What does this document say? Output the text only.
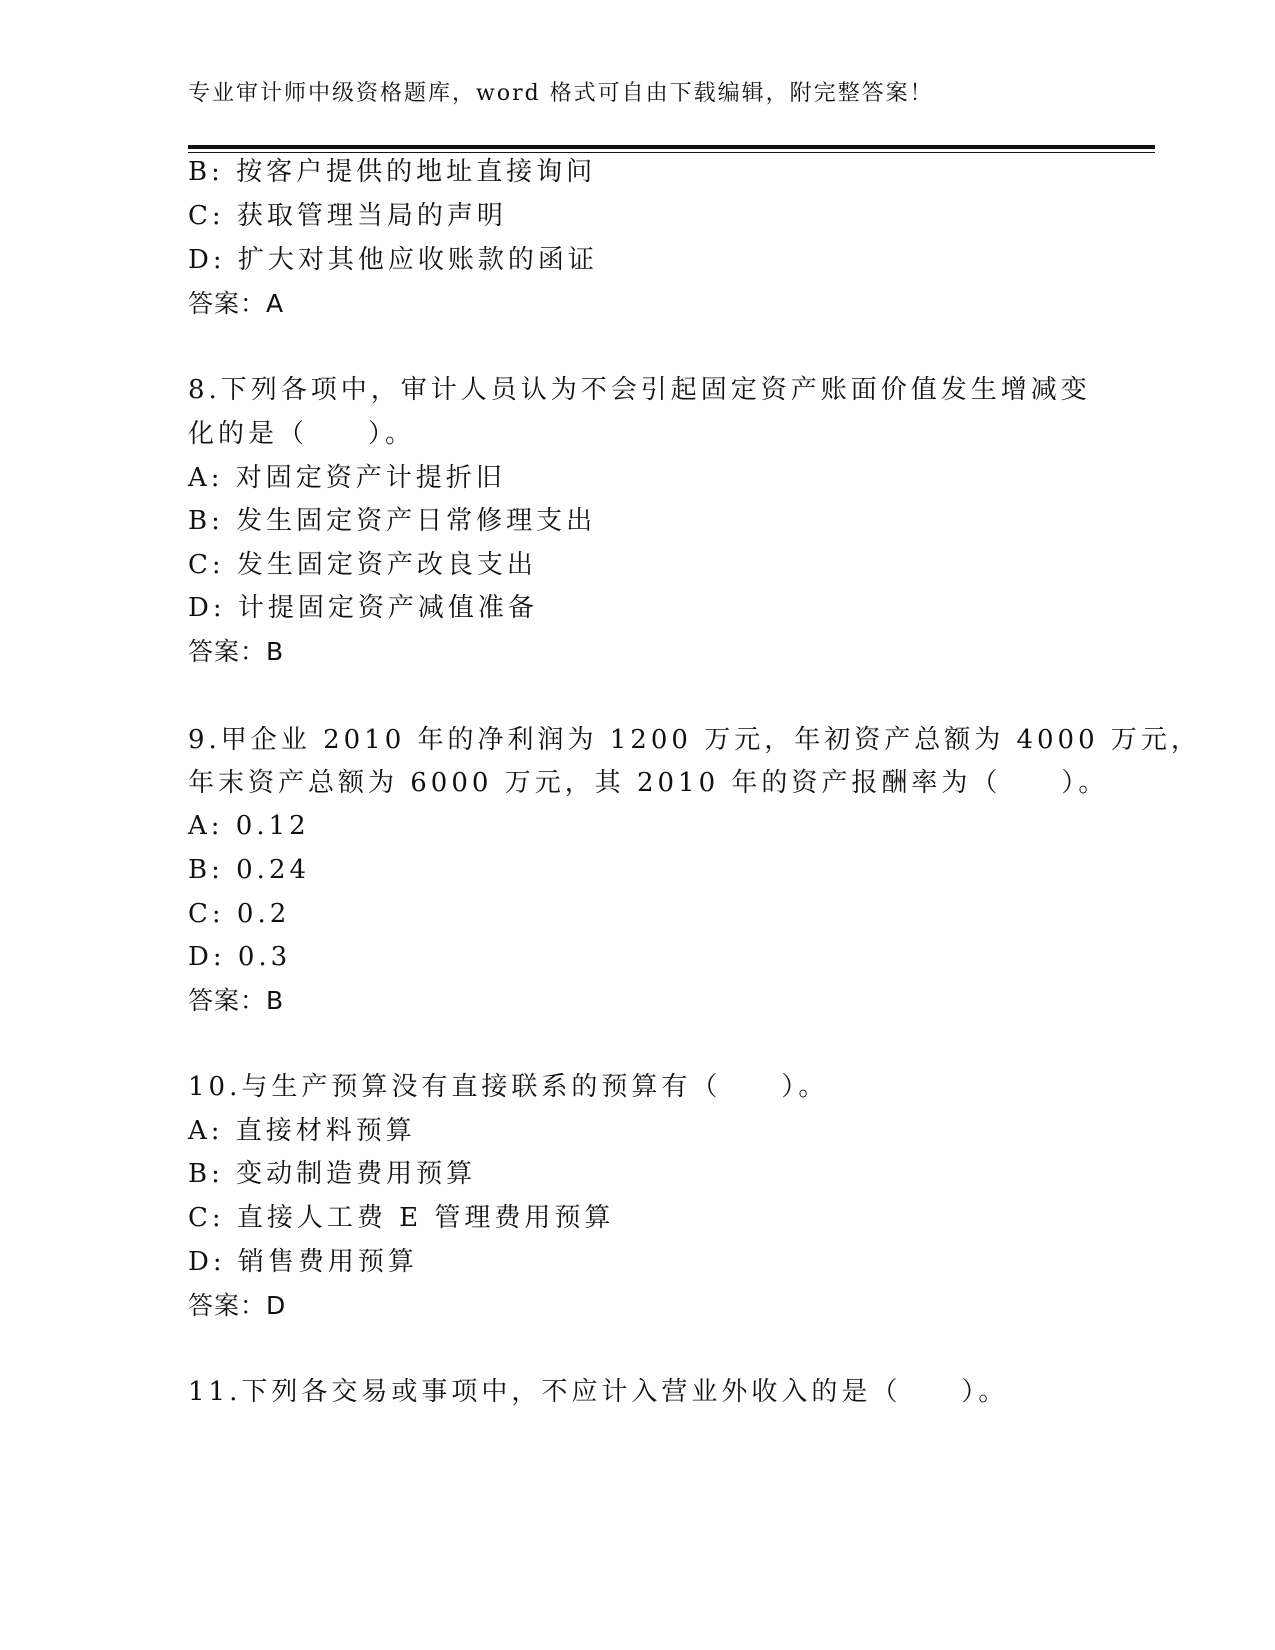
专业审计师中级资格题库，word 格式可自由下载编辑，附完整答案！
B: 按客户提供的地址直接询问
C: 获取管理当局的声明
D: 扩大对其他应收账款的函证
答案：A
8.下列各项中，审计人员认为不会引起固定资产账面价值发生增减变
化的是（　　）。
A: 对固定资产计提折旧
B: 发生固定资产日常修理支出
C: 发生固定资产改良支出
D: 计提固定资产减值准备
答案：B
9.甲企业 2010 年的净利润为 1200 万元，年初资产总额为 4000 万元，
年末资产总额为 6000 万元，其 2010 年的资产报酬率为（　　）。
A: 0.12
B: 0.24
C: 0.2
D: 0.3
答案：B
10.与生产预算没有直接联系的预算有（　　）。
A: 直接材料预算
B: 变动制造费用预算
C: 直接人工费 E 管理费用预算
D: 销售费用预算
答案：D
11.下列各交易或事项中，不应计入营业外收入的是（　　）。
